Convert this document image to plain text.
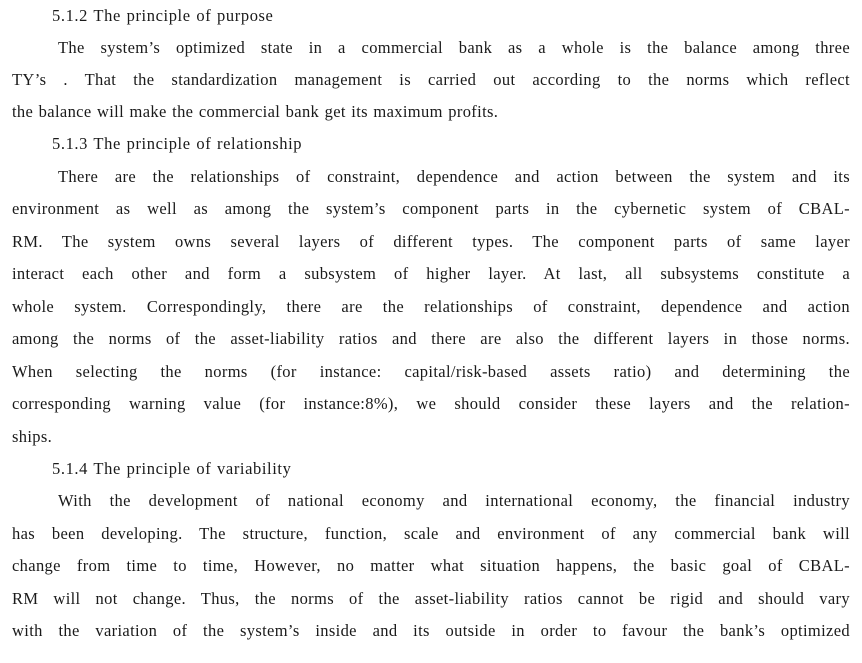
5.1.2 The principle of purpose
The system’s optimized state in a commercial bank as a whole is the balance among three
TY’s . That the standardization management is carried out according to the norms which reflect
the balance will make the commercial bank get its maximum profits.
5.1.3 The principle of relationship
There are the relationships of constraint, dependence and action between the system and its
environment as well as among the system’s component parts in the cybernetic system of CBAL-
RM. The system owns several layers of different types. The component parts of same layer
interact each other and form a subsystem of higher layer. At last, all subsystems constitute a
whole system. Correspondingly, there are the relationships of constraint, dependence and action
among the norms of the asset-liability ratios and there are also the different layers in those norms.
When selecting the norms (for instance: capital/risk-based assets ratio) and determining the
corresponding warning value (for instance:8%), we should consider these layers and the relation-
ships.
5.1.4 The principle of variability
With the development of national economy and international economy, the financial industry
has been developing. The structure, function, scale and environment of any commercial bank will
change from time to time, However, no matter what situation happens, the basic goal of CBAL-
RM will not change. Thus, the norms of the asset-liability ratios cannot be rigid and should vary
with the variation of the system’s inside and its outside in order to favour the bank’s optimized
